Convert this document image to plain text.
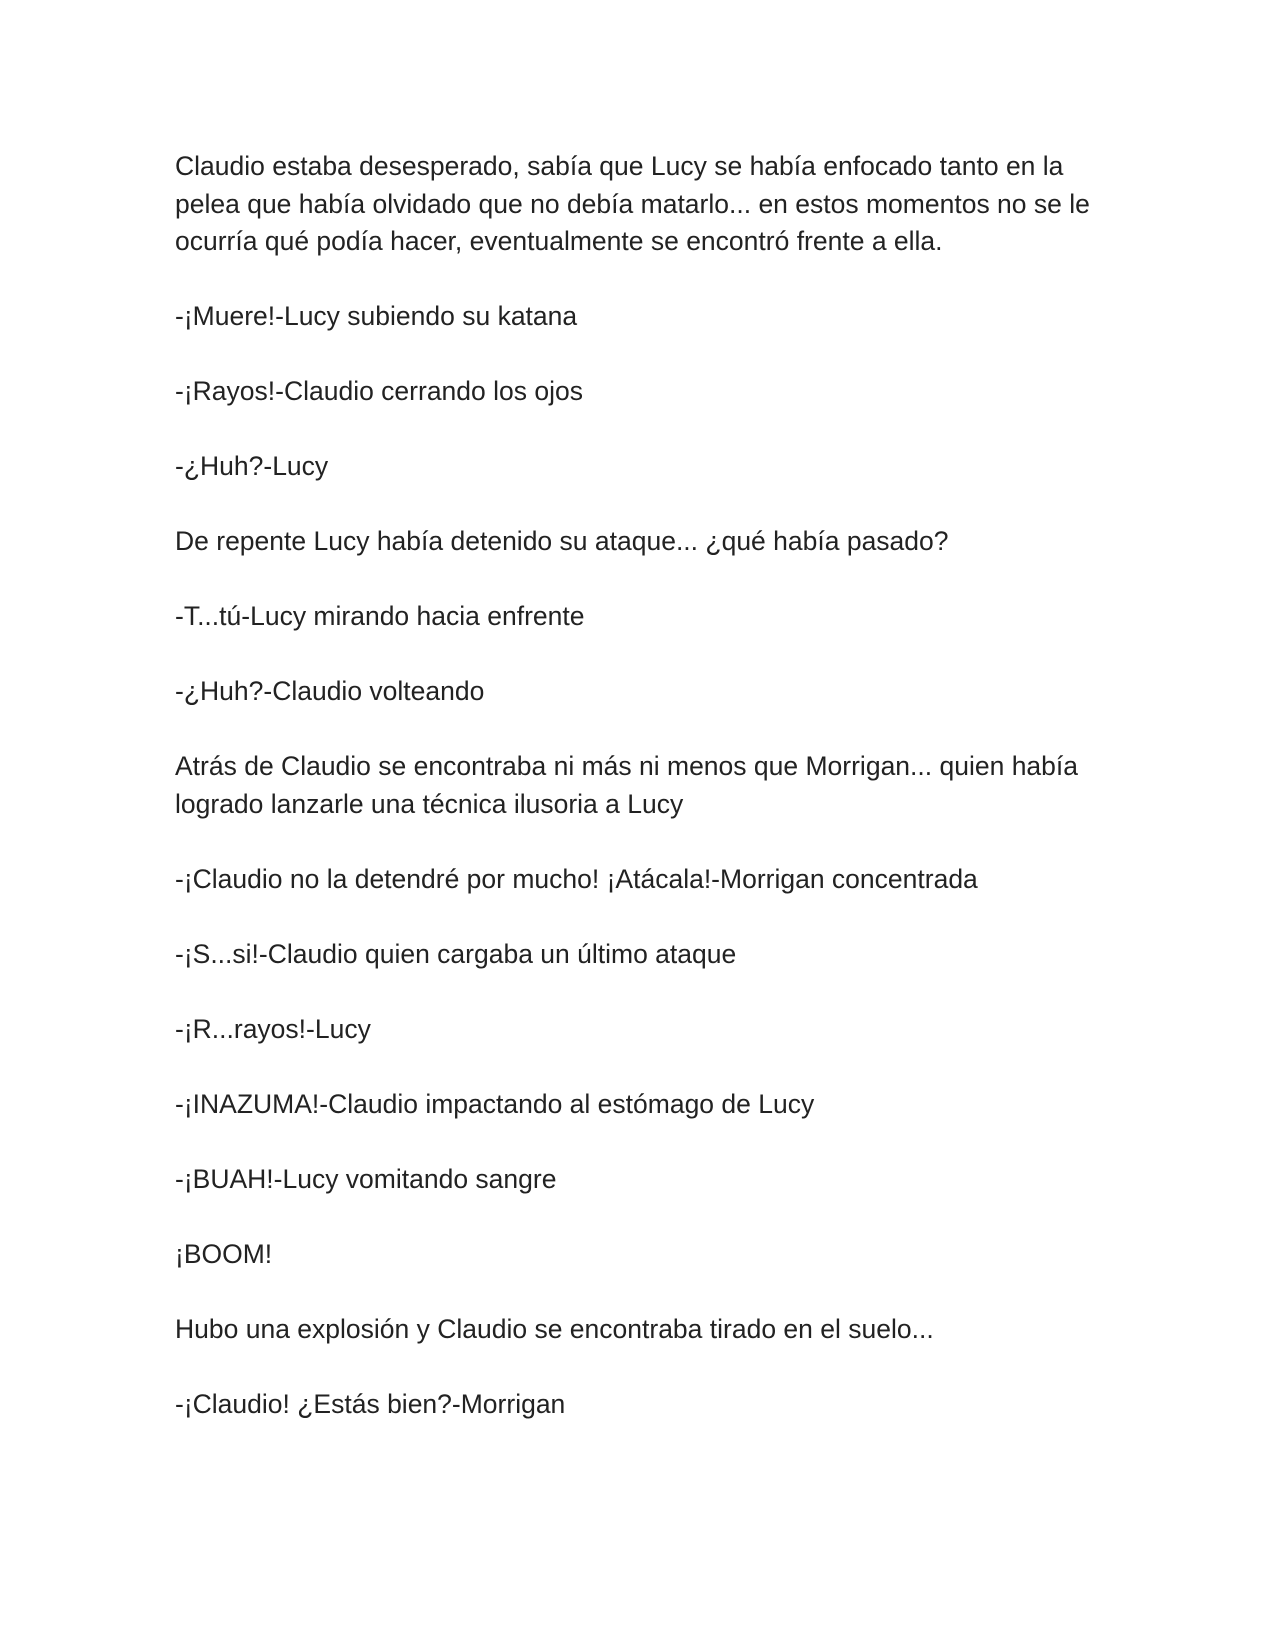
Claudio estaba desesperado, sabía que Lucy se había enfocado tanto en la pelea que había olvidado que no debía matarlo... en estos momentos no se le ocurría qué podía hacer, eventualmente se encontró frente a ella.

-¡Muere!-Lucy subiendo su katana

-¡Rayos!-Claudio cerrando los ojos

-¿Huh?-Lucy

De repente Lucy había detenido su ataque... ¿qué había pasado?

-T...tú-Lucy mirando hacia enfrente

-¿Huh?-Claudio volteando

Atrás de Claudio se encontraba ni más ni menos que Morrigan... quien había logrado lanzarle una técnica ilusoria a Lucy

-¡Claudio no la detendré por mucho! ¡Atácala!-Morrigan concentrada

-¡S...si!-Claudio quien cargaba un último ataque

-¡R...rayos!-Lucy

-¡INAZUMA!-Claudio impactando al estómago de Lucy

-¡BUAH!-Lucy vomitando sangre

¡BOOM!

Hubo una explosión y Claudio se encontraba tirado en el suelo...

-¡Claudio! ¿Estás bien?-Morrigan
